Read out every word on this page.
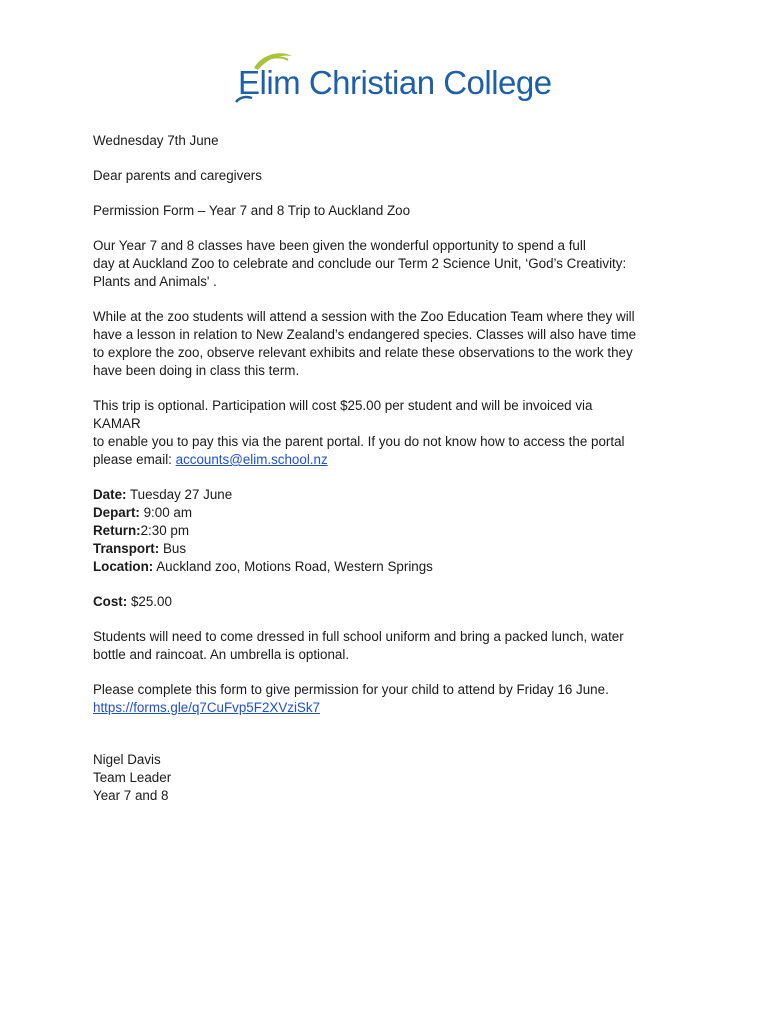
Elim Christian College

Wednesday 7th June

Dear parents and caregivers

Permission Form – Year 7 and 8 Trip to Auckland Zoo

Our Year 7 and 8 classes have been given the wonderful opportunity to spend a full
day at Auckland Zoo to celebrate and conclude our Term 2 Science Unit, ‘God’s Creativity:
Plants and Animals' .

While at the zoo students will attend a session with the Zoo Education Team where they will
have a lesson in relation to New Zealand’s endangered species. Classes will also have time
to explore the zoo, observe relevant exhibits and relate these observations to the work they
have been doing in class this term.

This trip is optional. Participation will cost $25.00 per student and will be invoiced via
KAMAR
to enable you to pay this via the parent portal. If you do not know how to access the portal
please email: accounts@elim.school.nz

Date: Tuesday 27 June
Depart: 9:00 am
Return:2:30 pm
Transport: Bus
Location: Auckland zoo, Motions Road, Western Springs

Cost: $25.00

Students will need to come dressed in full school uniform and bring a packed lunch, water
bottle and raincoat. An umbrella is optional.

Please complete this form to give permission for your child to attend by Friday 16 June.
https://forms.gle/q7CuFvp5F2XVziSk7

Nigel Davis
Team Leader
Year 7 and 8
